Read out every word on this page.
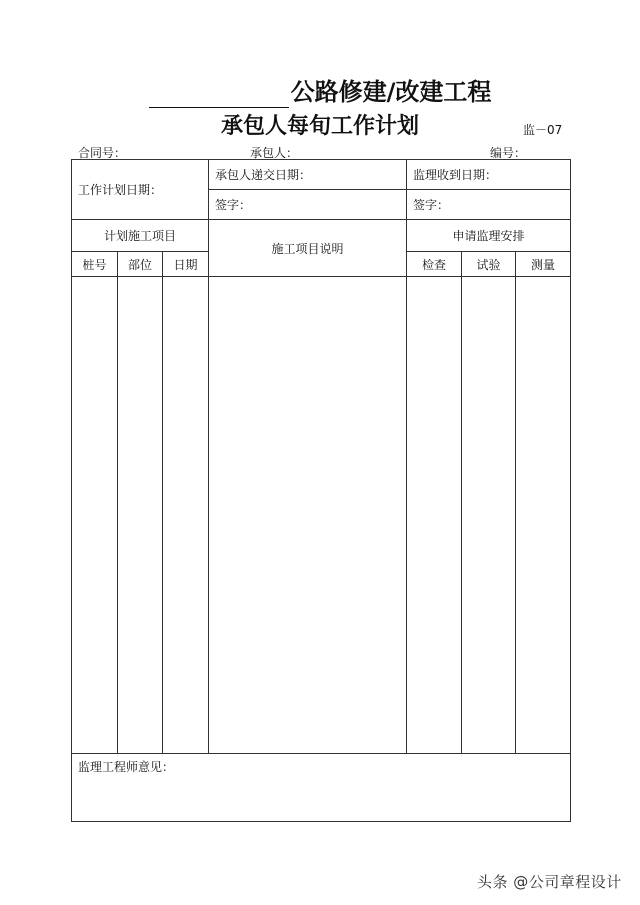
公路修建/改建工程
承包人每旬工作计划	监－07
合同号：	承包人：	编号：
工作计划日期：			承包人递交日期：	监理收到日期：		
			签字：	签字：		
计划施工项目			施工项目说明	申请监理安排		
桩号	部位	日期		检查	试验	测量

监理工程师意见：						
头条 @公司章程设计
